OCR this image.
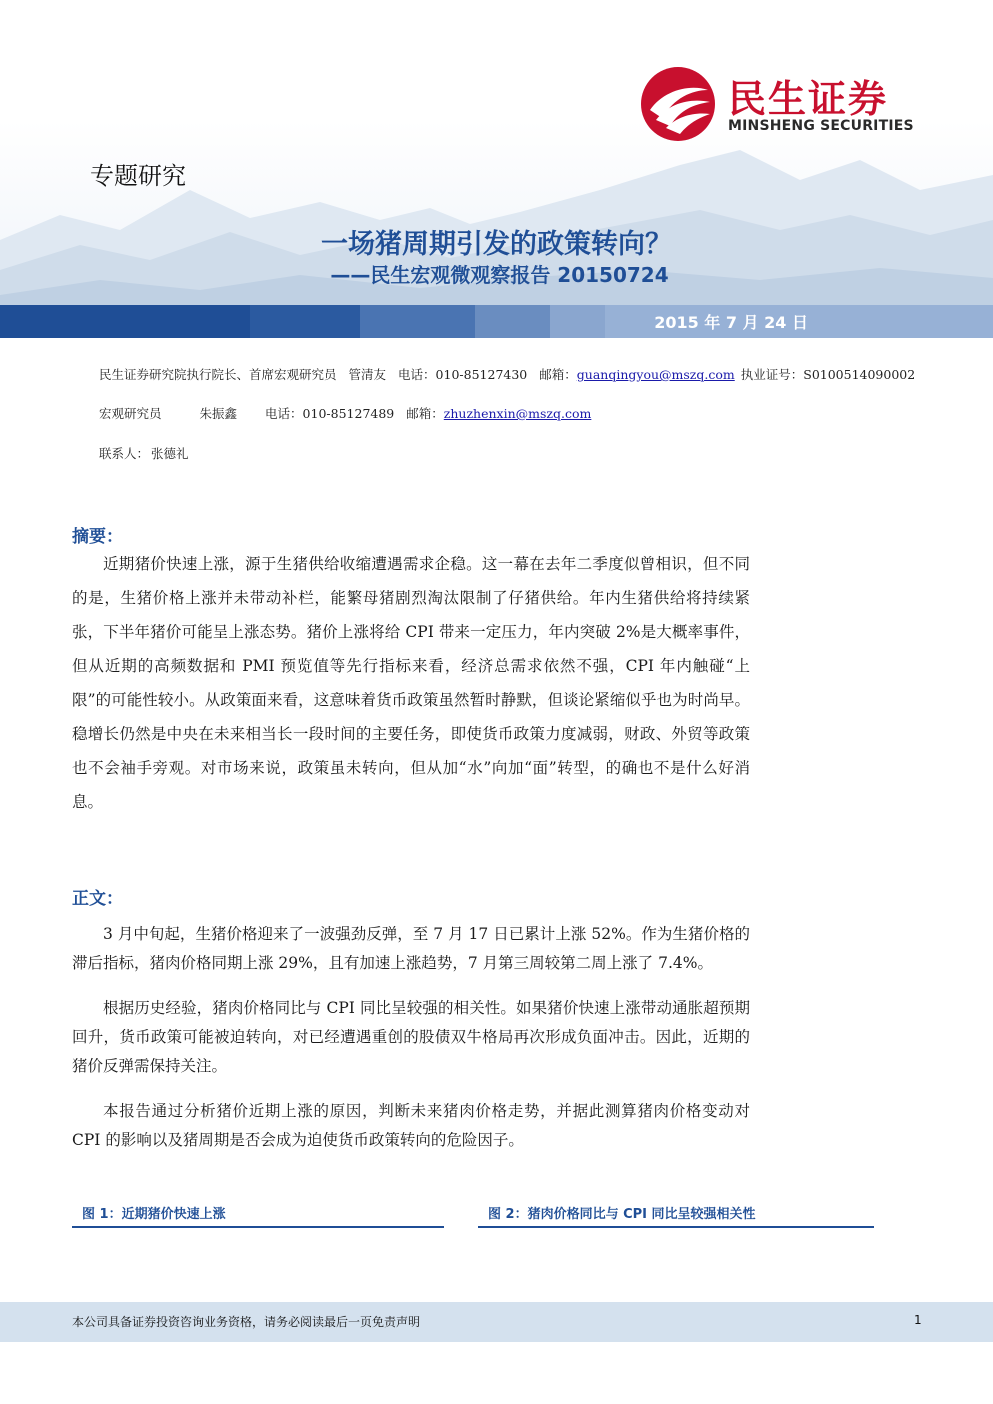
民生证券
MINSHENG SECURITIES
专题研究
一场猪周期引发的政策转向？
——民生宏观微观察报告 20150724
2015 年 7 月 24 日
民生证券研究院执行院长、首席宏观研究员 管清友 电话：010-85127430 邮箱：guanqingyou@mszq.com 执业证号：S0100514090002
宏观研究员	朱振鑫 电话：010-85127489 邮箱：zhuzhenxin@mszq.com
联系人： 张德礼
摘要：

近期猪价快速上涨，源于生猪供给收缩遭遇需求企稳。这一幕在去年二季度似曾相识，但不同的是，生猪价格上涨并未带动补栏，能繁母猪剧烈淘汰限制了仔猪供给。年内生猪供给将持续紧张，下半年猪价可能呈上涨态势。猪价上涨将给 CPI 带来一定压力，年内突破 2%是大概率事件，但从近期的高频数据和 PMI 预览值等先行指标来看，经济总需求依然不强，CPI 年内触碰“上限”的可能性较小。从政策面来看，这意味着货币政策虽然暂时静默，但谈论紧缩似乎也为时尚早。稳增长仍然是中央在未来相当长一段时间的主要任务，即使货币政策力度减弱，财政、外贸等政策也不会袖手旁观。对市场来说，政策虽未转向，但从加“水”向加“面”转型，的确也不是什么好消息。

正文：

3 月中旬起，生猪价格迎来了一波强劲反弹，至 7 月 17 日已累计上涨 52%。作为生猪价格的滞后指标，猪肉价格同期上涨 29%，且有加速上涨趋势，7 月第三周较第二周上涨了 7.4%。

根据历史经验，猪肉价格同比与 CPI 同比呈较强的相关性。如果猪价快速上涨带动通胀超预期回升，货币政策可能被迫转向，对已经遭遇重创的股债双牛格局再次形成负面冲击。因此，近期的猪价反弹需保持关注。

本报告通过分析猪价近期上涨的原因，判断未来猪肉价格走势，并据此测算猪肉价格变动对 CPI 的影响以及猪周期是否会成为迫使货币政策转向的危险因子。

图 1：近期猪价快速上涨	图 2：猪肉价格同比与 CPI 同比呈较强相关性
本公司具备证券投资咨询业务资格，请务必阅读最后一页免责声明	1
